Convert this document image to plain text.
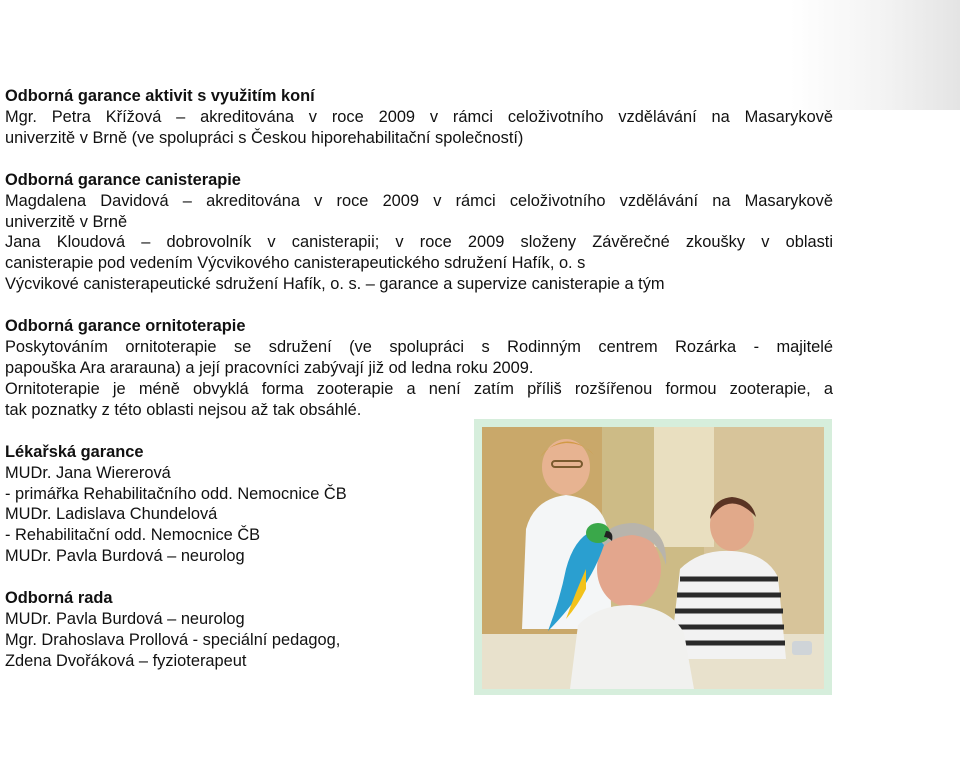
Odborná garance aktivit s využitím koní

Mgr. Petra Křížová – akreditována v roce 2009 v rámci celoživotního vzdělávání na Masarykově

univerzitě v Brně (ve spolupráci s Českou hiporehabilitační společností)

Odborná garance canisterapie

Magdalena Davidová – akreditována v roce 2009 v rámci celoživotního vzdělávání na Masarykově

univerzitě v Brně

Jana Kloudová – dobrovolník v canisterapii; v roce 2009 složeny Závěrečné zkoušky v oblasti

canisterapie pod vedením Výcvikového canisterapeutického sdružení Hafík, o. s

Výcvikové canisterapeutické sdružení Hafík, o. s. – garance a supervize canisterapie a tým

Odborná garance ornitoterapie

Poskytováním ornitoterapie se sdružení (ve spolupráci s Rodinným centrem Rozárka - majitelé

papouška Ara ararauna) a její pracovníci zabývají již od ledna roku 2009.

Ornitoterapie je méně obvyklá forma zooterapie a není zatím příliš rozšířenou formou zooterapie, a

tak poznatky z této oblasti nejsou až tak obsáhlé.

Lékařská garance

MUDr. Jana Wiererová

- primářka Rehabilitačního odd. Nemocnice ČB

MUDr. Ladislava Chundelová

- Rehabilitační odd. Nemocnice ČB

MUDr. Pavla Burdová – neurolog

Odborná rada

MUDr. Pavla Burdová – neurolog

Mgr. Drahoslava Prollová - speciální pedagog,

Zdena Dvořáková – fyzioterapeut
